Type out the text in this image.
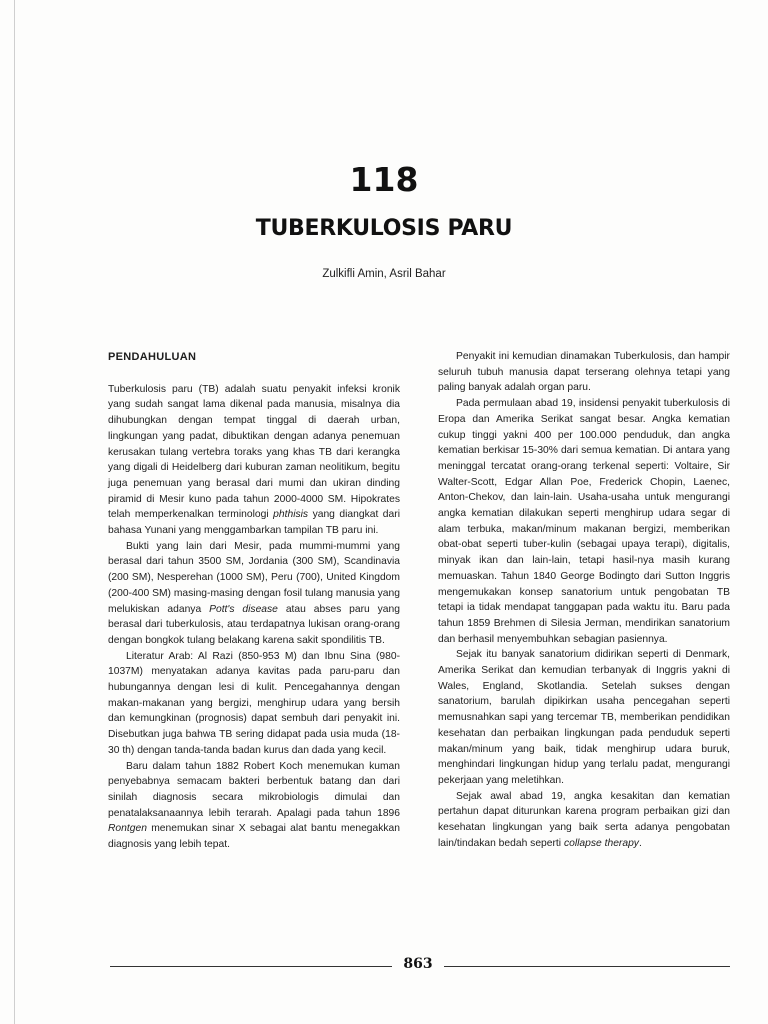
118
TUBERKULOSIS PARU
Zulkifli Amin, Asril Bahar

PENDAHULUAN

Tuberkulosis paru (TB) adalah suatu penyakit infeksi kronik yang sudah sangat lama dikenal pada manusia, misalnya dia dihubungkan dengan tempat tinggal di daerah urban, lingkungan yang padat, dibuktikan dengan adanya penemuan kerusakan tulang vertebra toraks yang khas TB dari kerangka yang digali di Heidelberg dari kuburan zaman neolitikum, begitu juga penemuan yang berasal dari mumi dan ukiran dinding piramid di Mesir kuno pada tahun 2000-4000 SM. Hipokrates telah memperkenalkan terminologi phthisis yang diangkat dari bahasa Yunani yang menggambarkan tampilan TB paru ini.

Bukti yang lain dari Mesir, pada mummi-mummi yang berasal dari tahun 3500 SM, Jordania (300 SM), Scandinavia (200 SM), Nesperehan (1000 SM), Peru (700), United Kingdom (200-400 SM) masing-masing dengan fosil tulang manusia yang melukiskan adanya Pott's disease atau abses paru yang berasal dari tuberkulosis, atau terdapatnya lukisan orang-orang dengan bongkok tulang belakang karena sakit spondilitis TB.

Literatur Arab: Al Razi (850-953 M) dan Ibnu Sina (980-1037M) menyatakan adanya kavitas pada paru-paru dan hubungannya dengan lesi di kulit. Pencegahannya dengan makan-makanan yang bergizi, menghirup udara yang bersih dan kemungkinan (prognosis) dapat sembuh dari penyakit ini. Disebutkan juga bahwa TB sering didapat pada usia muda (18-30 th) dengan tanda-tanda badan kurus dan dada yang kecil.

Baru dalam tahun 1882 Robert Koch menemukan kuman penyebabnya semacam bakteri berbentuk batang dan dari sinilah diagnosis secara mikrobiologis dimulai dan penatalaksanaannya lebih terarah. Apalagi pada tahun 1896 Rontgen menemukan sinar X sebagai alat bantu menegakkan diagnosis yang lebih tepat.

Penyakit ini kemudian dinamakan Tuberkulosis, dan hampir seluruh tubuh manusia dapat terserang olehnya tetapi yang paling banyak adalah organ paru.

Pada permulaan abad 19, insidensi penyakit tuberkulosis di Eropa dan Amerika Serikat sangat besar. Angka kematian cukup tinggi yakni 400 per 100.000 penduduk, dan angka kematian berkisar 15-30% dari semua kematian. Di antara yang meninggal tercatat orang-orang terkenal seperti: Voltaire, Sir Walter-Scott, Edgar Allan Poe, Frederick Chopin, Laenec, Anton-Chekov, dan lain-lain. Usaha-usaha untuk mengurangi angka kematian dilakukan seperti menghirup udara segar di alam terbuka, makan/minum makanan bergizi, memberikan obat-obat seperti tuber-kulin (sebagai upaya terapi), digitalis, minyak ikan dan lain-lain, tetapi hasil-nya masih kurang memuaskan. Tahun 1840 George Bodingto dari Sutton Inggris mengemukakan konsep sanatorium untuk pengobatan TB tetapi ia tidak mendapat tanggapan pada waktu itu. Baru pada tahun 1859 Brehmen di Silesia Jerman, mendirikan sanatorium dan berhasil menyembuhkan sebagian pasiennya.

Sejak itu banyak sanatorium didirikan seperti di Denmark, Amerika Serikat dan kemudian terbanyak di Inggris yakni di Wales, England, Skotlandia. Setelah sukses dengan sanatorium, barulah dipikirkan usaha pencegahan seperti memusnahkan sapi yang tercemar TB, memberikan pendidikan kesehatan dan perbaikan lingkungan pada penduduk seperti makan/minum yang baik, tidak menghirup udara buruk, menghindari lingkungan hidup yang terlalu padat, mengurangi pekerjaan yang meletihkan.

Sejak awal abad 19, angka kesakitan dan kematian pertahun dapat diturunkan karena program perbaikan gizi dan kesehatan lingkungan yang baik serta adanya pengobatan lain/tindakan bedah seperti collapse therapy.

863
